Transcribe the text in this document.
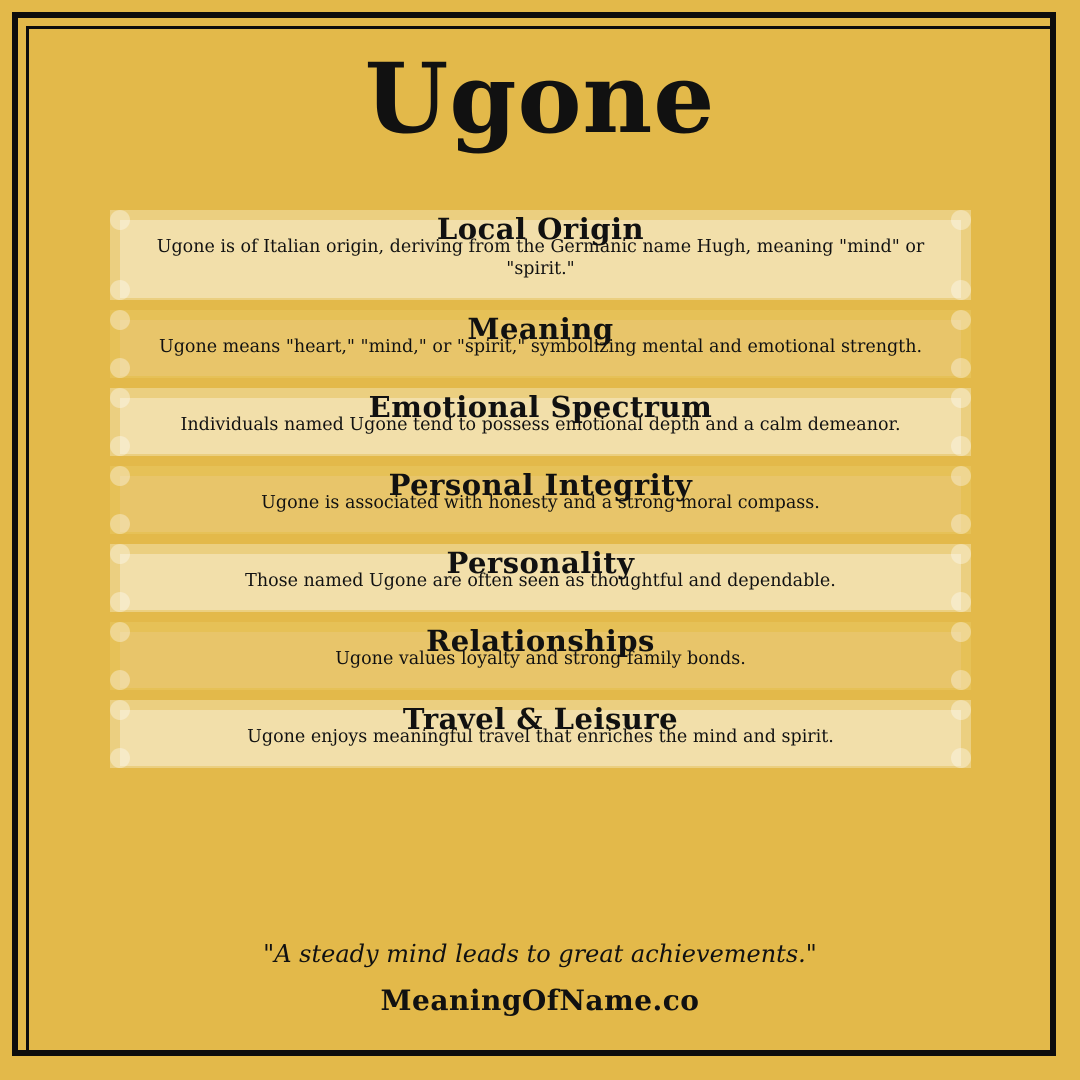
Ugone
Local Origin
Ugone is of Italian origin, deriving from the Germanic name Hugh, meaning "mind" or "spirit."
Meaning
Ugone means "heart," "mind," or "spirit," symbolizing mental and emotional strength.
Emotional Spectrum
Individuals named Ugone tend to possess emotional depth and a calm demeanor.
Personal Integrity
Ugone is associated with honesty and a strong moral compass.
Personality
Those named Ugone are often seen as thoughtful and dependable.
Relationships
Ugone values loyalty and strong family bonds.
Travel & Leisure
Ugone enjoys meaningful travel that enriches the mind and spirit.
"A steady mind leads to great achievements."
MeaningOfName.co
